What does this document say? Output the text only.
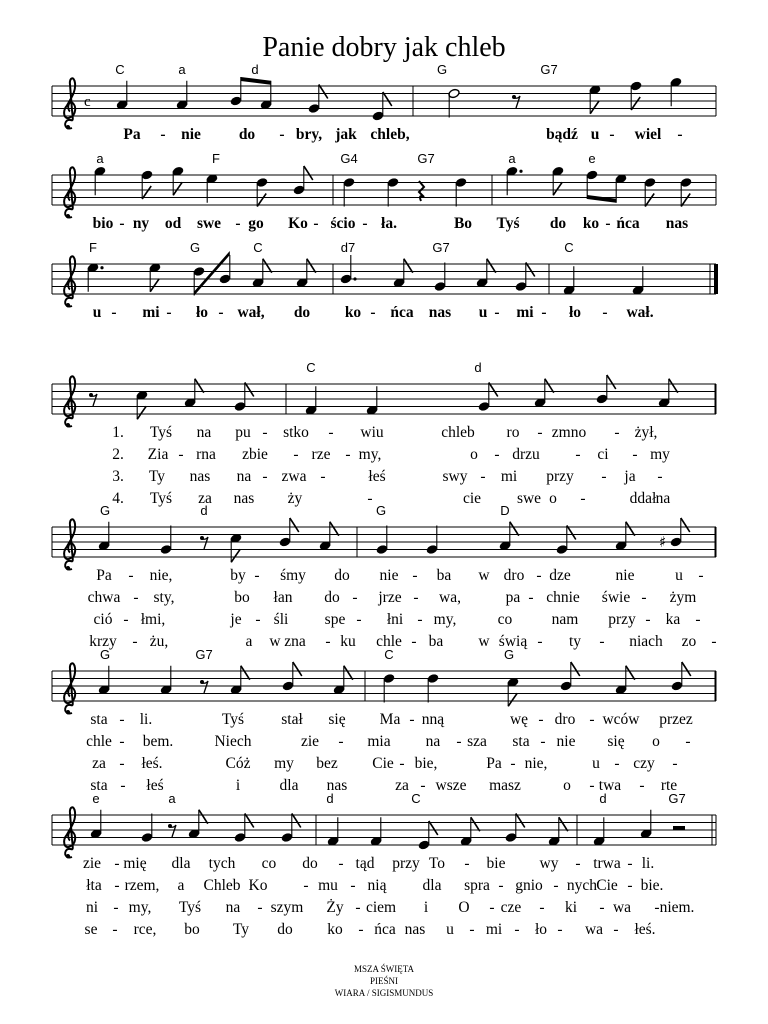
Panie dobry jak chleb
c
C	a	d	G	G7
Pa - nie do - bry, jak chleb,	bądź u - wiel -
a	F	G4	G7	a	e
bio - ny od swe - go Ko - ścio - ła.	Bo Tyś do ko - ńca nas
F	G	C	d7	G7	C
u - mi - ło - wał, do ko - ńca nas u - mi - ło - wał.
C	d
1. Tyś na pu - stko - wiu	chleb ro - zmno - żył,
2. Zia - rna zbie - rze - my,	o - drzu - ci - my
3. Ty nas na - zwa -	łeś	swy - mi przy - ja -
4. Tyś za nas ży	-	cie swe o -	ddał na
♯
G	d	G	D
Pa - nie,	by - śmy do nie - ba w dro - dze	nie	u -
chwa - sty,	bo łan do - jrze - wa,	pa - chnie świe - żym
ció - łmi,	je - śli spe - łni - my,	co	nam przy - ka -
krzy - żu,	a w zna - ku chle - ba w świą - ty - niach zo -
G	G7	C	G
sta - li.	Tyś stał się Ma - nną	wę - dro - wców przez
chle - bem.	Niech	zie - mia na - sza sta - nie się o -
za - łeś.	Cóż my bez Cie - bie,	Pa - nie,	u - czy -
sta - łeś	i	dla nas	za - wsze masz	o - twa - rte
e	a	d	C	d	G7
zie - mię dla tych co do - tąd przy To - bie wy - trwa - li.
łta - rzem, a Chleb Ko - mu - nią dla spra - gnio - nych Cie - bie.
ni - my, Tyś na - szym Ży - ciem i O - cze - ki - wa - niem.
se - rce, bo Ty do ko - ńca nas u - mi - ło - wa - łeś.
MSZA ŚWIĘTA
PIEŚNI
WIARA / SIGISMUNDUS
